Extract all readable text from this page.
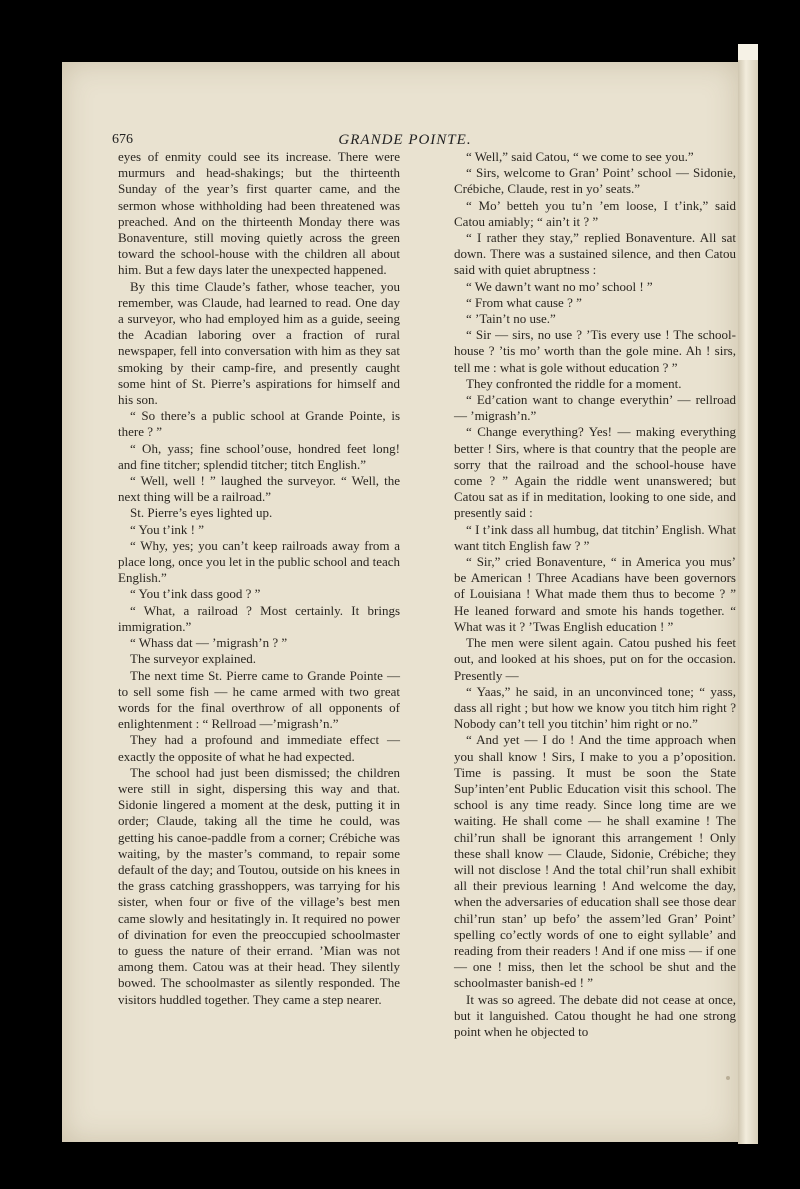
676	GRANDE POINTE.

eyes of enmity could see its increase. There were murmurs and head-shakings; but the thirteenth Sunday of the year’s first quarter came, and the sermon whose withholding had been threatened was preached. And on the thirteenth Monday there was Bonaventure, still moving quietly across the green toward the school-house with the children all about him. But a few days later the unexpected happened.

By this time Claude’s father, whose teacher, you remember, was Claude, had learned to read. One day a surveyor, who had employed him as a guide, seeing the Acadian laboring over a fraction of rural newspaper, fell into conversation with him as they sat smoking by their camp-fire, and presently caught some hint of St. Pierre’s aspirations for himself and his son.

“ So there’s a public school at Grande Pointe, is there ? ”

“ Oh, yass; fine school’ouse, hondred feet long! and fine titcher; splendid titcher; titch English.”

“ Well, well ! ” laughed the surveyor. “ Well, the next thing will be a railroad.”

St. Pierre’s eyes lighted up.

“ You t’ink ! ”

“ Why, yes; you can’t keep railroads away from a place long, once you let in the public school and teach English.”

“ You t’ink dass good ? ”

“ What, a railroad ? Most certainly. It brings immigration.”

“ Whass dat — ’migrash’n ? ”

The surveyor explained.

The next time St. Pierre came to Grande Pointe — to sell some fish — he came armed with two great words for the final overthrow of all opponents of enlightenment : “ Rellroad —’migrash’n.”

They had a profound and immediate effect — exactly the opposite of what he had expected.

The school had just been dismissed; the children were still in sight, dispersing this way and that. Sidonie lingered a moment at the desk, putting it in order; Claude, taking all the time he could, was getting his canoe-paddle from a corner; Crébiche was waiting, by the master’s command, to repair some default of the day; and Toutou, outside on his knees in the grass catching grasshoppers, was tarrying for his sister, when four or five of the village’s best men came slowly and hesitatingly in. It required no power of divination for even the preoccupied schoolmaster to guess the nature of their errand. ’Mian was not among them. Catou was at their head. They silently bowed. The schoolmaster as silently responded. The visitors huddled together. They came a step nearer.

“ Well,” said Catou, “ we come to see you.”

“ Sirs, welcome to Gran’ Point’ school — Sidonie, Crébiche, Claude, rest in yo’ seats.”

“ Mo’ betteh you tu’n ’em loose, I t’ink,” said Catou amiably; “ ain’t it ? ”

“ I rather they stay,” replied Bonaventure. All sat down. There was a sustained silence, and then Catou said with quiet abruptness :

“ We dawn’t want no mo’ school ! ”

“ From what cause ? ”

“ ’Tain’t no use.”

“ Sir — sirs, no use ? ’Tis every use ! The school-house ? ’tis mo’ worth than the gole mine. Ah ! sirs, tell me : what is gole without education ? ”

They confronted the riddle for a moment.

“ Ed’cation want to change everythin’ — rellroad — ’migrash’n.”

“ Change everything? Yes! — making everything better ! Sirs, where is that country that the people are sorry that the railroad and the school-house have come ? ” Again the riddle went unanswered; but Catou sat as if in meditation, looking to one side, and presently said :

“ I t’ink dass all humbug, dat titchin’ English. What want titch English faw ? ”

“ Sir,” cried Bonaventure, “ in America you mus’ be American ! Three Acadians have been governors of Louisiana ! What made them thus to become ? ” He leaned forward and smote his hands together. “ What was it ? ’Twas English education ! ”

The men were silent again. Catou pushed his feet out, and looked at his shoes, put on for the occasion. Presently —

“ Yaas,” he said, in an unconvinced tone; “ yass, dass all right ; but how we know you titch him right ? Nobody can’t tell you titchin’ him right or no.”

“ And yet — I do ! And the time approach when you shall know ! Sirs, I make to you a p’oposition. Time is passing. It must be soon the State Sup’inten’ent Public Education visit this school. The school is any time ready. Since long time are we waiting. He shall come — he shall examine ! The chil’run shall be ignorant this arrangement ! Only these shall know — Claude, Sidonie, Crébiche; they will not disclose ! And the total chil’run shall exhibit all their previous learning ! And welcome the day, when the adversaries of education shall see those dear chil’run stan’ up befo’ the assem’led Gran’ Point’ spelling co’ectly words of one to eight syllable’ and reading from their readers ! And if one miss — if one — one ! miss, then let the school be shut and the schoolmaster banish-ed ! ”

It was so agreed. The debate did not cease at once, but it languished. Catou thought he had one strong point when he objected to
